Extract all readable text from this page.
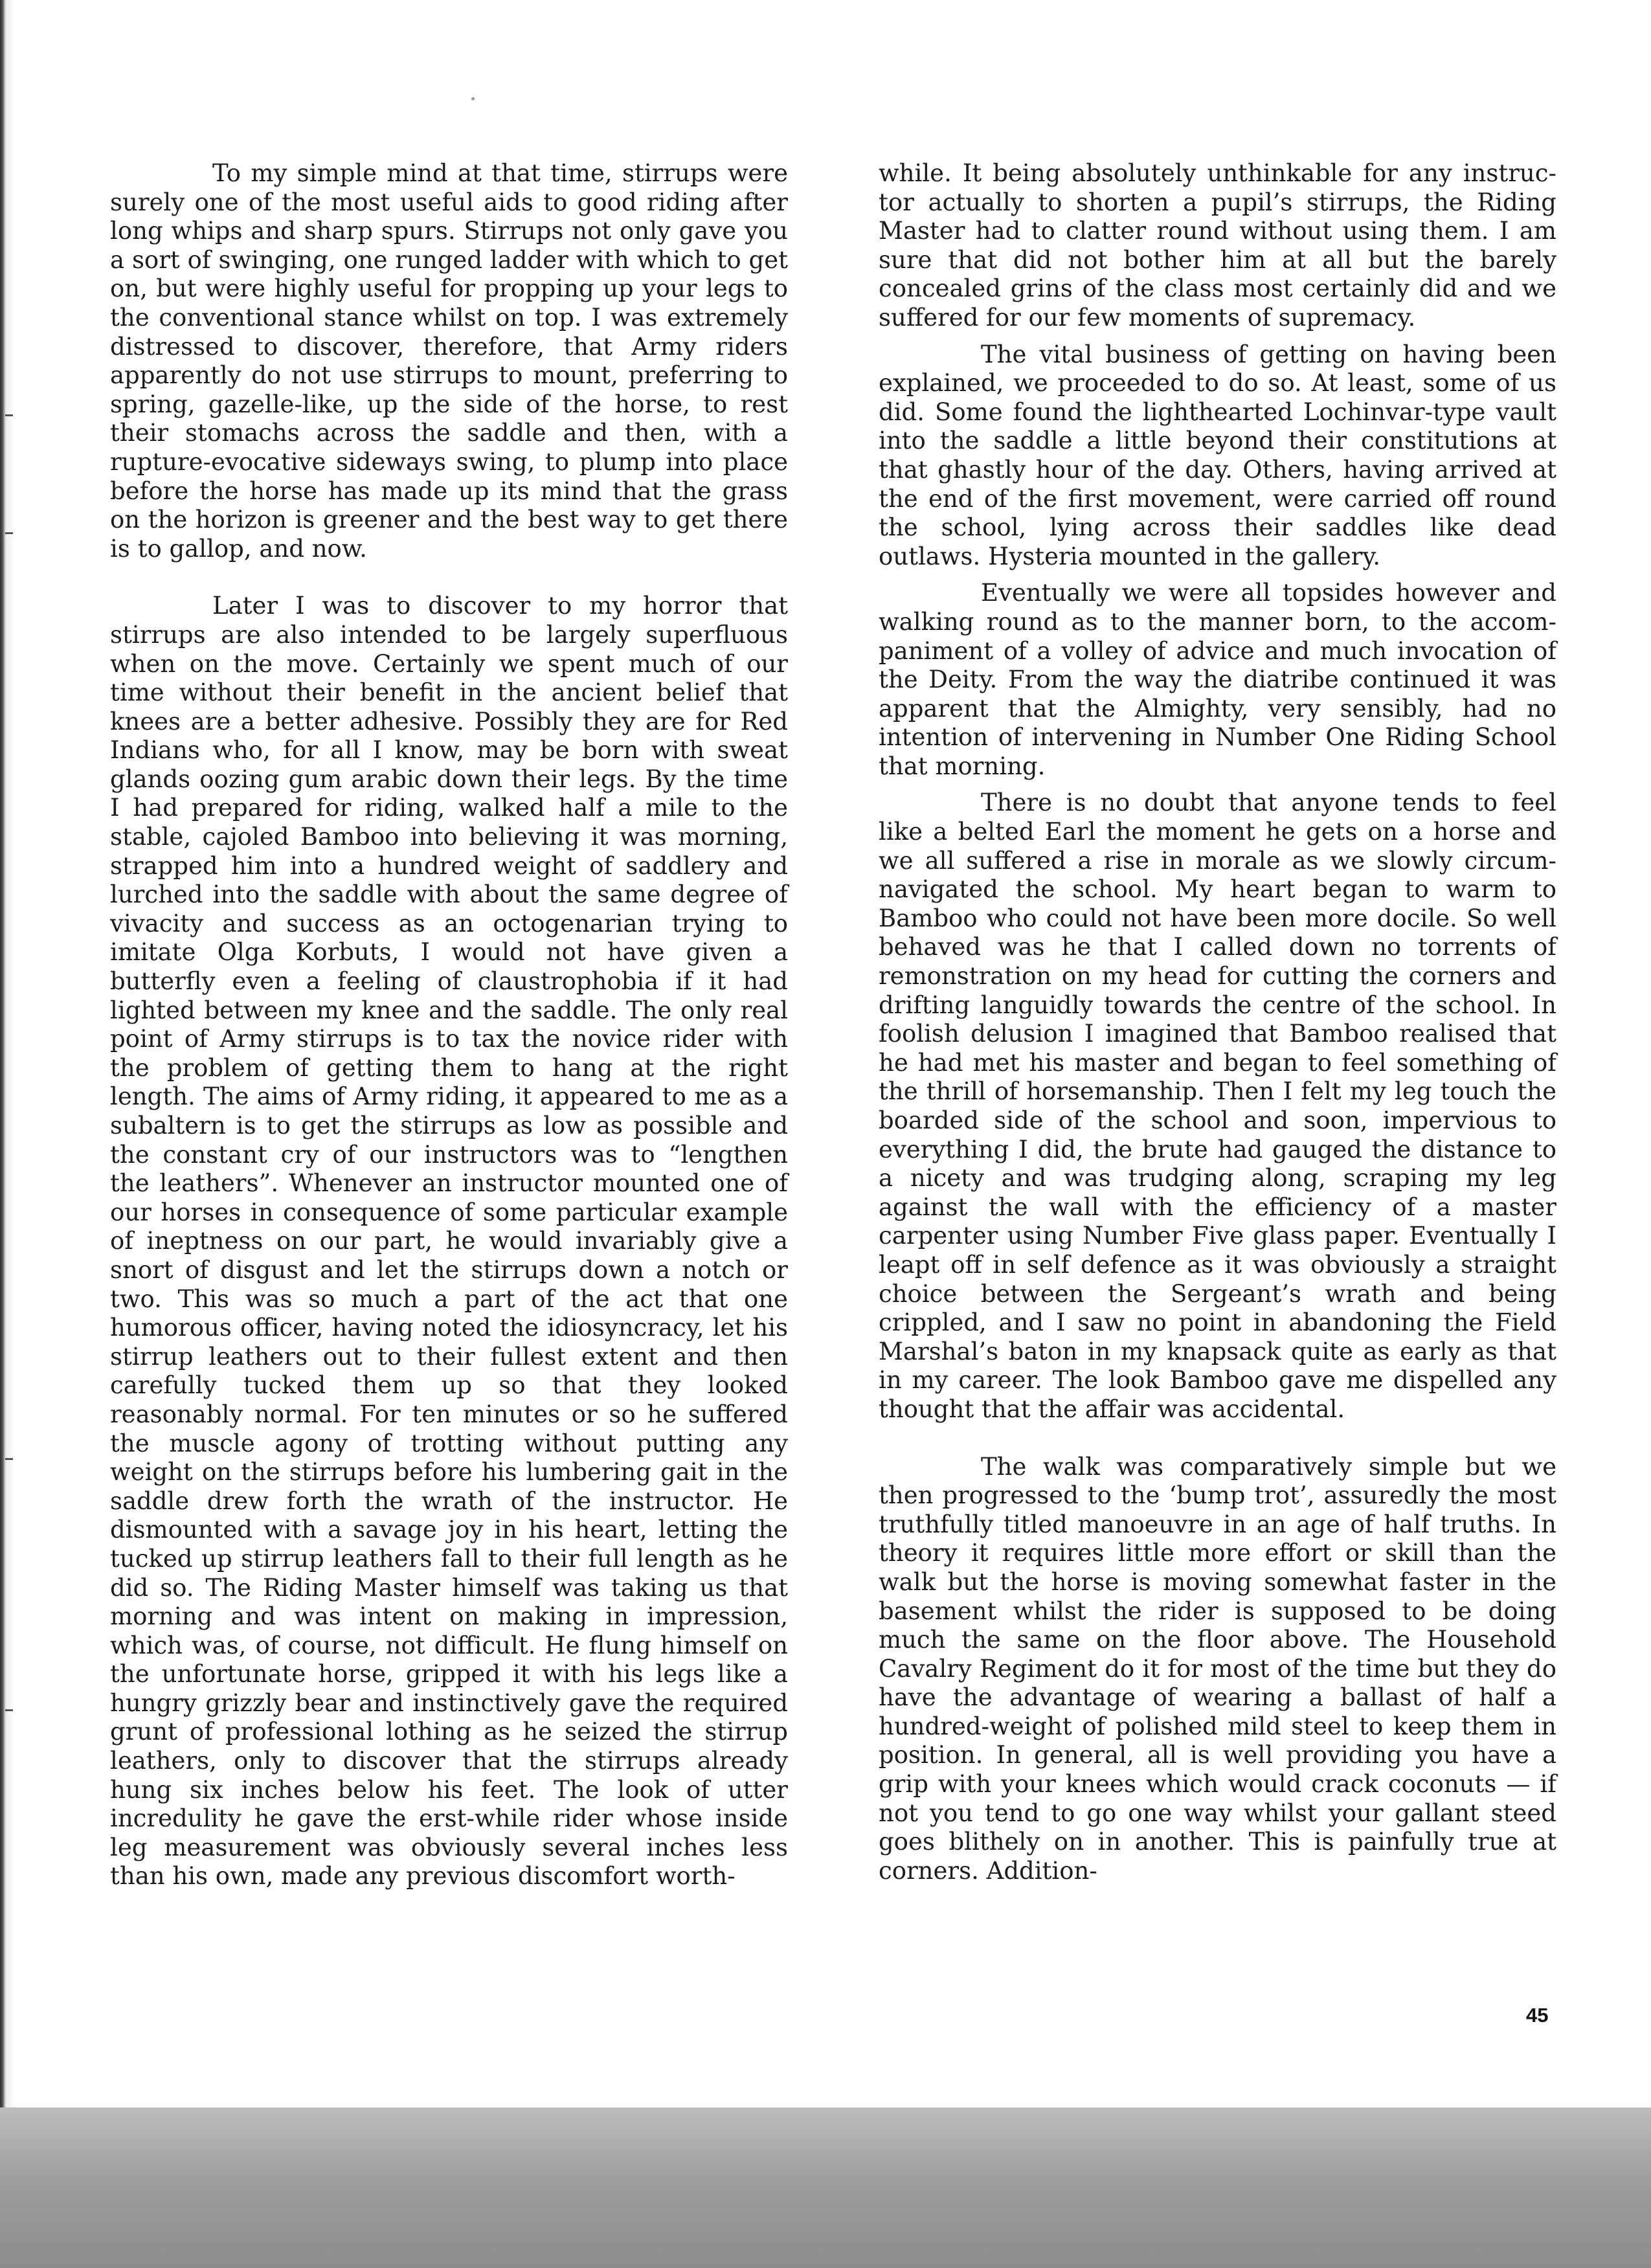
To my simple mind at that time, stirrups were surely one of the most useful aids to good riding after long whips and sharp spurs. Stirrups not only gave you a sort of swinging, one runged ladder with which to get on, but were highly useful for propping up your legs to the conventional stance whilst on top. I was extremely distressed to discover, therefore, that Army riders apparently do not use stirrups to mount, preferring to spring, gazelle-like, up the side of the horse, to rest their stomachs across the saddle and then, with a rupture-evocative sideways swing, to plump into place before the horse has made up its mind that the grass on the horizon is greener and the best way to get there is to gallop, and now.

Later I was to discover to my horror that stirrups are also intended to be largely superfluous when on the move. Certainly we spent much of our time without their benefit in the ancient belief that knees are a better adhesive. Possibly they are for Red Indians who, for all I know, may be born with sweat glands oozing gum arabic down their legs. By the time I had prepared for riding, walked half a mile to the stable, cajoled Bamboo into believing it was morning, strapped him into a hundred weight of saddlery and lurched into the saddle with about the same degree of vivacity and success as an octogenarian trying to imitate Olga Korbuts, I would not have given a butterfly even a feeling of claustrophobia if it had lighted between my knee and the saddle. The only real point of Army stirrups is to tax the novice rider with the problem of getting them to hang at the right length. The aims of Army riding, it appeared to me as a subaltern is to get the stirrups as low as possible and the constant cry of our instructors was to “lengthen the leathers”. Whenever an instructor mounted one of our horses in consequence of some particular example of ineptness on our part, he would invariably give a snort of disgust and let the stirrups down a notch or two. This was so much a part of the act that one humorous officer, having noted the idiosyncracy, let his stirrup leathers out to their fullest extent and then carefully tucked them up so that they looked reasonably normal. For ten minutes or so he suffered the muscle agony of trotting without putting any weight on the stirrups before his lumbering gait in the saddle drew forth the wrath of the instructor. He dismounted with a savage joy in his heart, letting the tucked up stirrup leathers fall to their full length as he did so. The Riding Master himself was taking us that morning and was intent on making in impression, which was, of course, not difficult. He flung himself on the unfortunate horse, gripped it with his legs like a hungry grizzly bear and instinctively gave the required grunt of professional lothing as he seized the stirrup leathers, only to discover that the stirrups already hung six inches below his feet. The look of utter incredulity he gave the erst-while rider whose inside leg measurement was obviously several inches less than his own, made any previous discomfort worth-

while. It being absolutely unthinkable for any instructor actually to shorten a pupil’s stirrups, the Riding Master had to clatter round without using them. I am sure that did not bother him at all but the barely concealed grins of the class most certainly did and we suffered for our few moments of supremacy.

The vital business of getting on having been explained, we proceeded to do so. At least, some of us did. Some found the lighthearted Lochinvar-type vault into the saddle a little beyond their constitutions at that ghastly hour of the day. Others, having arrived at the end of the first movement, were carried off round the school, lying across their saddles like dead outlaws. Hysteria mounted in the gallery.

Eventually we were all topsides however and walking round as to the manner born, to the accompaniment of a volley of advice and much invocation of the Deity. From the way the diatribe continued it was apparent that the Almighty, very sensibly, had no intention of intervening in Number One Riding School that morning.

There is no doubt that anyone tends to feel like a belted Earl the moment he gets on a horse and we all suffered a rise in morale as we slowly circumnavigated the school. My heart began to warm to Bamboo who could not have been more docile. So well behaved was he that I called down no torrents of remonstration on my head for cutting the corners and drifting languidly towards the centre of the school. In foolish delusion I imagined that Bamboo realised that he had met his master and began to feel something of the thrill of horsemanship. Then I felt my leg touch the boarded side of the school and soon, impervious to everything I did, the brute had gauged the distance to a nicety and was trudging along, scraping my leg against the wall with the efficiency of a master carpenter using Number Five glass paper. Eventually I leapt off in self defence as it was obviously a straight choice between the Sergeant’s wrath and being crippled, and I saw no point in abandoning the Field Marshal’s baton in my knapsack quite as early as that in my career. The look Bamboo gave me dispelled any thought that the affair was accidental.

The walk was comparatively simple but we then progressed to the ‘bump trot’, assuredly the most truthfully titled manoeuvre in an age of half truths. In theory it requires little more effort or skill than the walk but the horse is moving somewhat faster in the basement whilst the rider is supposed to be doing much the same on the floor above. The Household Cavalry Regiment do it for most of the time but they do have the advantage of wearing a ballast of half a hundred-weight of polished mild steel to keep them in position. In general, all is well providing you have a grip with your knees which would crack coconuts — if not you tend to go one way whilst your gallant steed goes blithely on in another. This is painfully true at corners. Addition-

45
